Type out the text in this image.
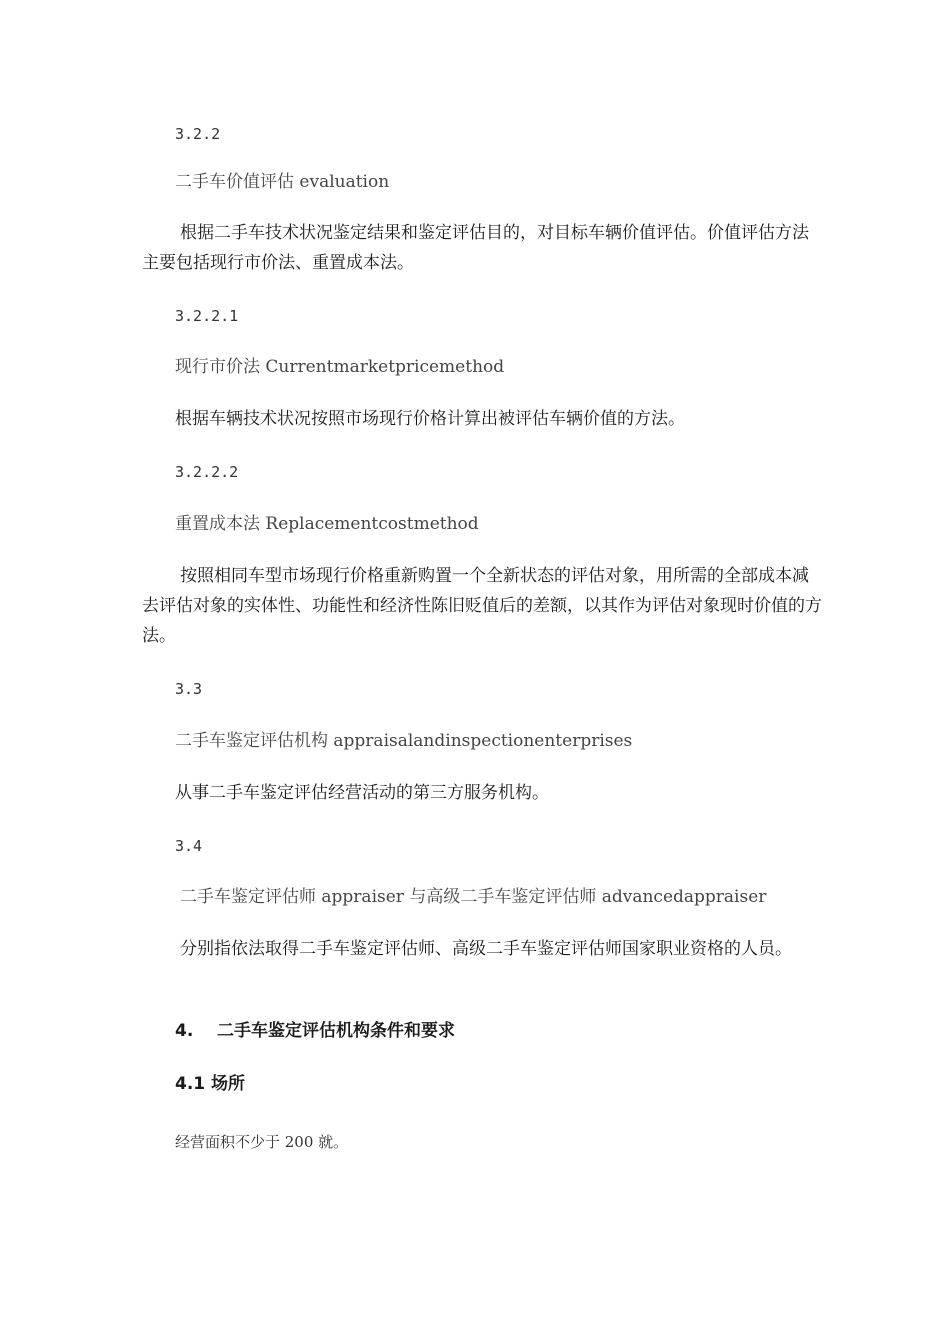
3.2.2
二手车价值评估 evaluation
根据二手车技术状况鉴定结果和鉴定评估目的，对目标车辆价值评估。价值评估方法主要包括现行市价法、重置成本法。
3.2.2.1
现行市价法 Currentmarketpricemethod
根据车辆技术状况按照市场现行价格计算出被评估车辆价值的方法。
3.2.2.2
重置成本法 Replacementcostmethod
按照相同车型市场现行价格重新购置一个全新状态的评估对象，用所需的全部成本减去评估对象的实体性、功能性和经济性陈旧贬值后的差额，以其作为评估对象现时价值的方法。
3.3
二手车鉴定评估机构 appraisalandinspectionenterprises
从事二手车鉴定评估经营活动的第三方服务机构。
3.4
二手车鉴定评估师 appraiser 与高级二手车鉴定评估师 advancedappraiser
分别指依法取得二手车鉴定评估师、高级二手车鉴定评估师国家职业资格的人员。
4. 二手车鉴定评估机构条件和要求
4.1 场所
经营面积不少于 200 就。
